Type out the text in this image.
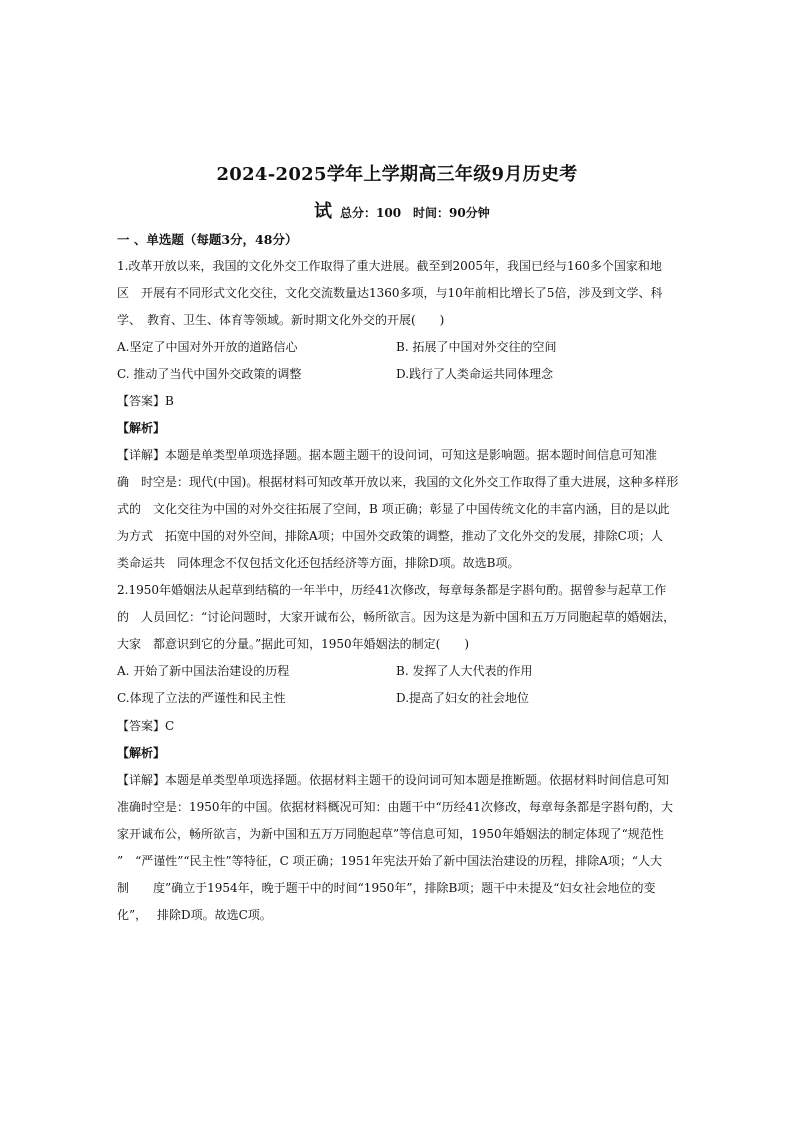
2024-2025学年上学期高三年级9月历史考
试总分：100　时间：90分钟
一 、单选题（每题3分，48分）
1.改革开放以来，我国的文化外交工作取得了重大进展。截至到2005年，我国已经与160多个国家和地
区　开展有不同形式文化交往，文化交流数量达1360多项，与10年前相比增长了5倍，涉及到文学、科
学、　教育、卫生、体育等领域。新时期文化外交的开展(　　)
A.坚定了中国对外开放的道路信心	B. 拓展了中国对外交往的空间
C. 推动了当代中国外交政策的调整	D.践行了人类命运共同体理念
【答案】B
【解析】
【详解】本题是单类型单项选择题。据本题主题干的设问词，可知这是影响题。据本题时间信息可知准
确　时空是：现代(中国)。根据材料可知改革开放以来，我国的文化外交工作取得了重大进展，这种多样形
式的　文化交往为中国的对外交往拓展了空间，B 项正确；彰显了中国传统文化的丰富内涵，目的是以此
为方式　拓宽中国的对外空间，排除A项；中国外交政策的调整，推动了文化外交的发展，排除C项；人
类命运共　同体理念不仅包括文化还包括经济等方面，排除D项。故选B项。
2.1950年婚姻法从起草到结稿的一年半中，历经41次修改，每章每条都是字斟句酌。据曾参与起草工作
的　人员回忆：“讨论问题时，大家开诚布公，畅所欲言。因为这是为新中国和五万万同胞起草的婚姻法，
大家　都意识到它的分量。”据此可知，1950年婚姻法的制定(　　)
A. 开始了新中国法治建设的历程	B. 发挥了人大代表的作用
C.体现了立法的严谨性和民主性	D.提高了妇女的社会地位
【答案】C
【解析】
【详解】本题是单类型单项选择题。依据材料主题干的设问词可知本题是推断题。依据材料时间信息可知
准确时空是：1950年的中国。依据材料概况可知：由题干中“历经41次修改，每章每条都是字斟句酌，大
家开诚布公，畅所欲言，为新中国和五万万同胞起草”等信息可知，1950年婚姻法的制定体现了“规范性
”　“严谨性”“民主性”等特征，C 项正确；1951年宪法开始了新中国法治建设的历程，排除A项；“人大
制　　度”确立于1954年，晚于题干中的时间“1950年”，排除B项；题干中未提及“妇女社会地位的变
化”，　 排除D项。故选C项。
